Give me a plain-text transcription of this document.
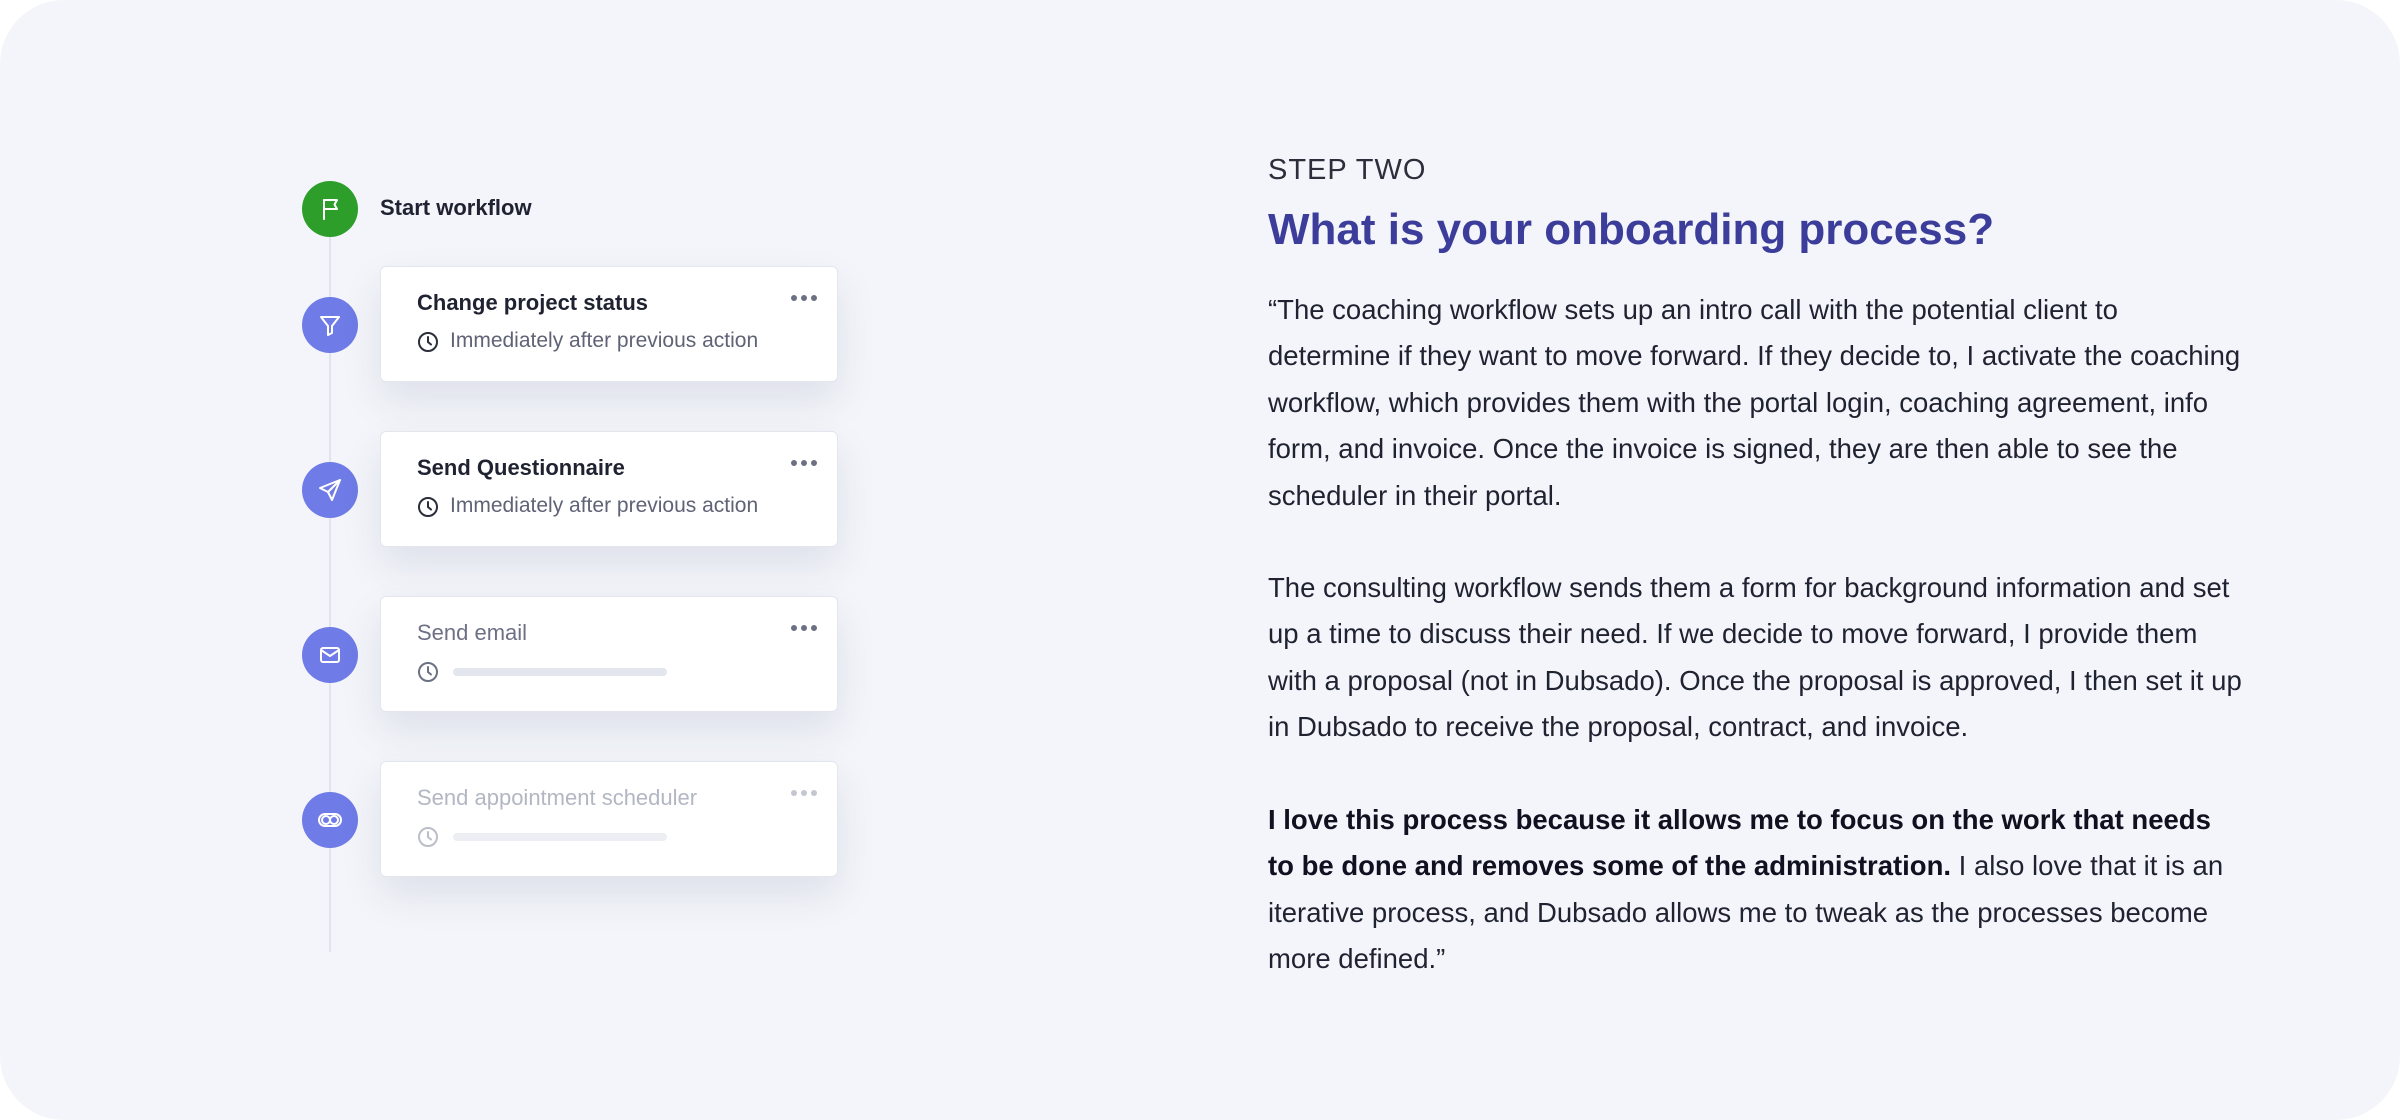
Start workflow
Change project status
Immediately after previous action
Send Questionnaire
Immediately after previous action
Send email
Send appointment scheduler
STEP TWO
What is your onboarding process?
“The coaching workflow sets up an intro call with the potential client to determine if they want to move forward. If they decide to, I activate the coaching workflow, which provides them with the portal login, coaching agreement, info form, and invoice. Once the invoice is signed, they are then able to see the scheduler in their portal.
The consulting workflow sends them a form for background information and set up a time to discuss their need. If we decide to move forward, I provide them with a proposal (not in Dubsado). Once the proposal is approved, I then set it up in Dubsado to receive the proposal, contract, and invoice.
I love this process because it allows me to focus on the work that needs to be done and removes some of the administration. I also love that it is an iterative process, and Dubsado allows me to tweak as the processes become more defined.”
